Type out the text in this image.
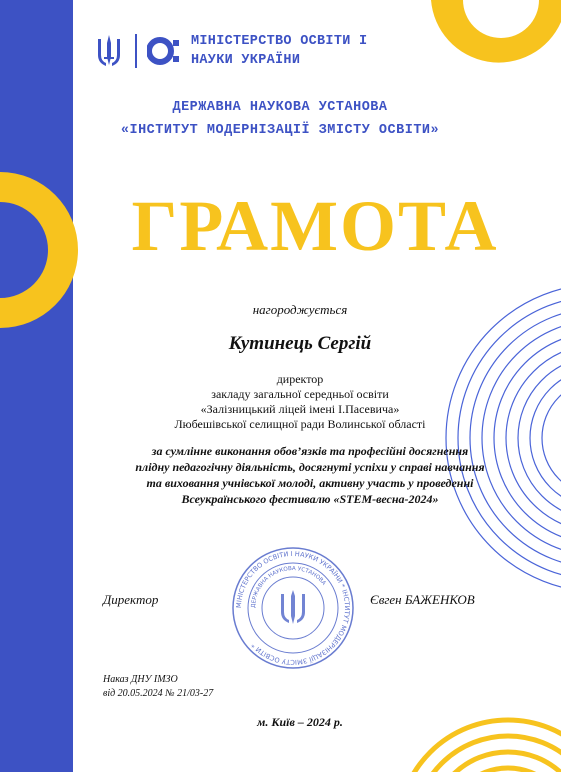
МІНІСТЕРСТВО ОСВІТИ І
НАУКИ УКРАЇНИ
ДЕРЖАВНА НАУКОВА УСТАНОВА
«ІНСТИТУТ МОДЕРНІЗАЦІЇ ЗМІСТУ ОСВІТИ»
ГРАМОТА
нагороджується
Кутинець Сергій
директор
закладу загальної середньої освіти
«Залізницький ліцей імені І.Пасевича»
Любешівської селищної ради Волинської області
за сумлінне виконання обов’язків та професійні досягнення
плідну педагогічну діяльність, досягнуті успіхи у справі навчання
та виховання учнівської молоді, активну участь у проведенні
Всеукраїнського фестивалю «STEM-весна-2024»
Директор	Євген БАЖЕНКОВ
МІНІСТЕРСТВО ОСВІТИ І НАУКИ УКРАЇНИ * ІНСТИТУТ МОДЕРНІЗАЦІЇ ЗМІСТУ ОСВІТИ *
ДЕРЖАВНА НАУКОВА УСТАНОВА
Наказ ДНУ ІМЗО
від 20.05.2024 № 21/03-27
м. Київ – 2024 р.
